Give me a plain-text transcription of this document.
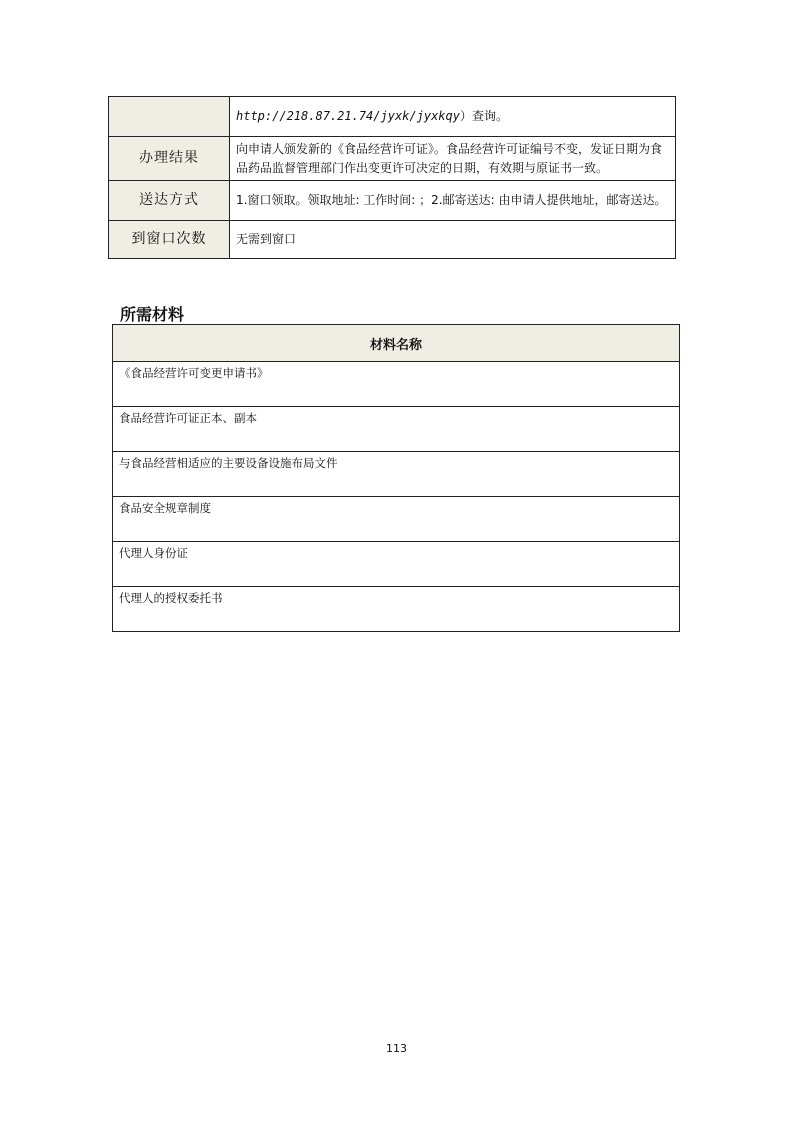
	http://218.87.21.74/jyxk/jyxkqy）查询。
办理结果	向申请人颁发新的《食品经营许可证》。食品经营许可证编号不变，发证日期为食品药品监督管理部门作出变更许可决定的日期，有效期与原证书一致。
送达方式	1.窗口领取。领取地址: 工作时间: ；2.邮寄送达: 由申请人提供地址，邮寄送达。
到窗口次数	无需到窗口
所需材料
材料名称
《食品经营许可变更申请书》
食品经营许可证正本、副本
与食品经营相适应的主要设备设施布局文件
食品安全规章制度
代理人身份证
代理人的授权委托书
113
